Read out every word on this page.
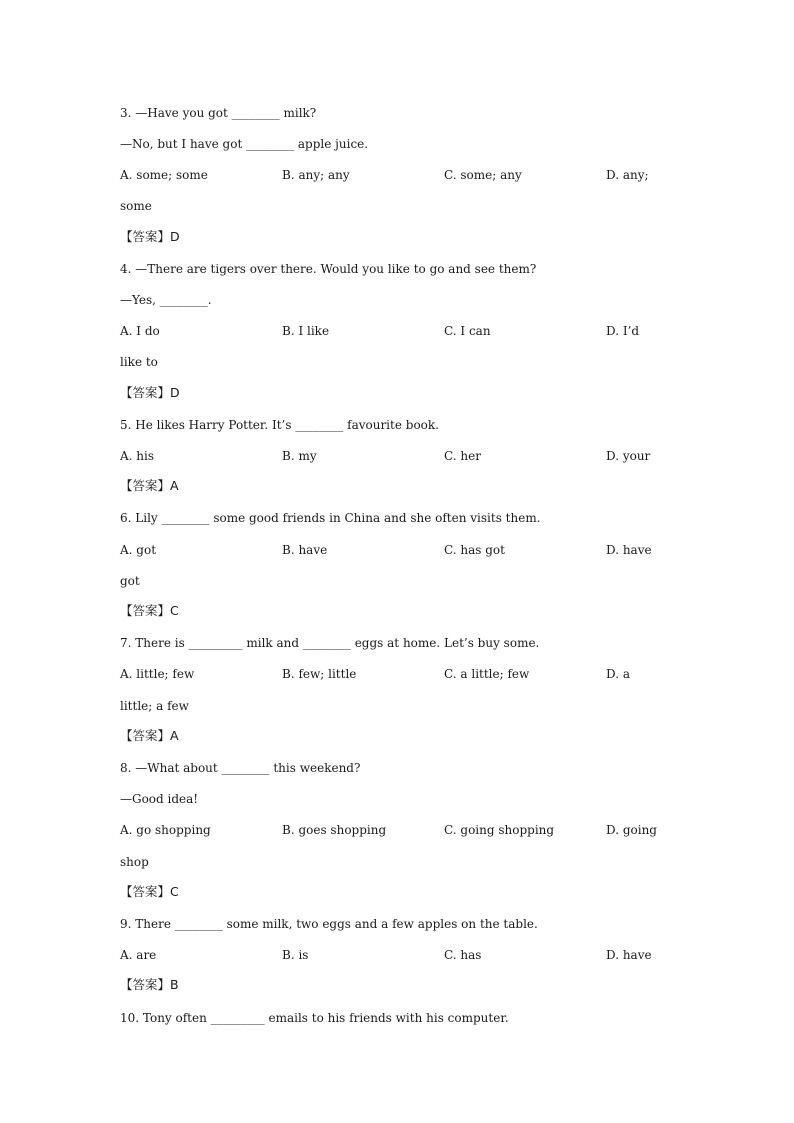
3. —Have you got ________ milk?
—No, but I have got ________ apple juice.
A. some; some	B. any; any	C. some; any	D. any;
some
【答案】D
4. —There are tigers over there. Would you like to go and see them?
—Yes, ________.
A. I do	B. I like	C. I can	D. I’d
like to
【答案】D
5. He likes Harry Potter. It’s ________ favourite book.
A. his	B. my	C. her	D. your
【答案】A
6. Lily ________ some good friends in China and she often visits them.
A. got	B. have	C. has got	D. have
got
【答案】C
7. There is _________ milk and ________ eggs at home. Let’s buy some.
A. little; few	B. few; little	C. a little; few	D. a
little; a few
【答案】A
8. —What about ________ this weekend?
—Good idea!
A. go shopping	B. goes shopping	C. going shopping	D. going
shop
【答案】C
9. There ________ some milk, two eggs and a few apples on the table.
A. are	B. is	C. has	D. have
【答案】B
10. Tony often _________ emails to his friends with his computer.
